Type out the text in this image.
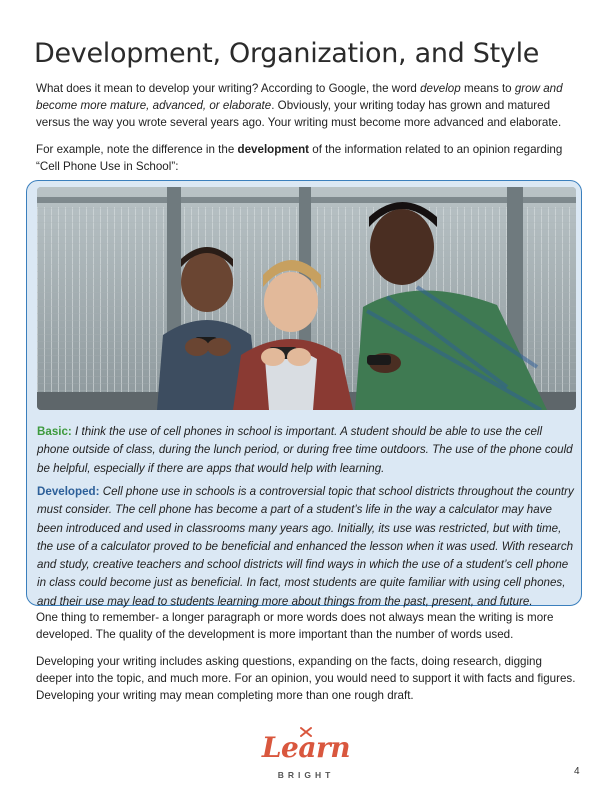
Development, Organization, and Style

What does it mean to develop your writing? According to Google, the word develop means to grow and become more mature, advanced, or elaborate. Obviously, your writing today has grown and matured versus the way you wrote several years ago. Your writing must become more advanced and elaborate.

For example, note the difference in the development of the information related to an opinion regarding “Cell Phone Use in School”:

Basic: I think the use of cell phones in school is important. A student should be able to use the cell phone outside of class, during the lunch period, or during free time outdoors. The use of the phone could be helpful, especially if there are apps that would help with learning.

Developed: Cell phone use in schools is a controversial topic that school districts throughout the country must consider. The cell phone has become a part of a student’s life in the way a calculator may have been introduced and used in classrooms many years ago. Initially, its use was restricted, but with time, the use of a calculator proved to be beneficial and enhanced the lesson when it was used. With research and study, creative teachers and school districts will find ways in which the use of a student’s cell phone in class could become just as beneficial. In fact, most students are quite familiar with using cell phones, and their use may lead to students learning more about things from the past, present, and future.

One thing to remember- a longer paragraph or more words does not always mean the writing is more developed. The quality of the development is more important than the number of words used.

Developing your writing includes asking questions, expanding on the facts, doing research, digging deeper into the topic, and much more. For an opinion, you would need to support it with facts and figures. Developing your writing may mean completing more than one rough draft.

Learn
BRIGHT	4
